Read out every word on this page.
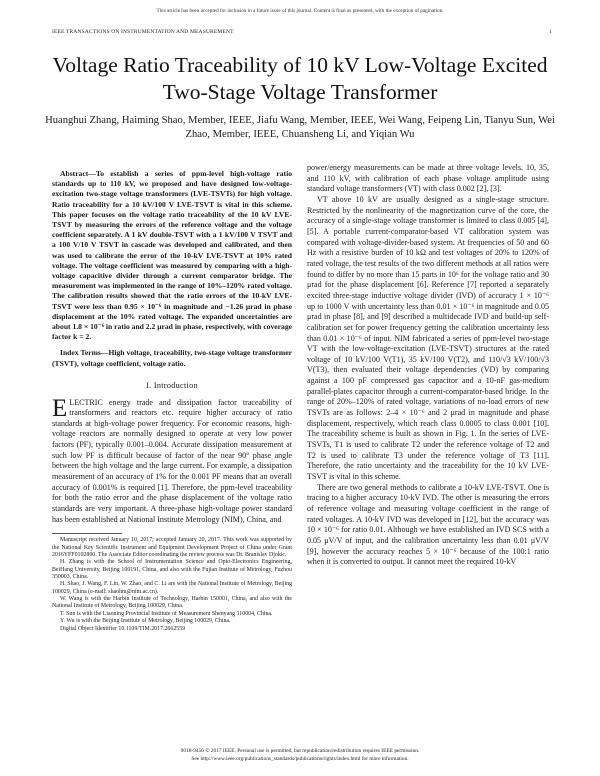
This article has been accepted for inclusion in a future issue of this journal. Content is final as presented, with the exception of pagination.
IEEE TRANSACTIONS ON INSTRUMENTATION AND MEASUREMENT	1
Voltage Ratio Traceability of 10 kV Low-Voltage Excited Two-Stage Voltage Transformer
Huanghui Zhang, Haiming Shao, Member, IEEE, Jiafu Wang, Member, IEEE, Wei Wang, Feipeng Lin, Tianyu Sun, Wei Zhao, Member, IEEE, Chuansheng Li, and Yiqian Wu

Abstract—To establish a series of ppm-level high-voltage ratio standards up to 110 kV, we proposed and have designed low-voltage-excitation two-stage voltage transformers (LVE-TSVTs) for high voltage. Ratio traceability for a 10 kV/100 V LVE-TSVT is vital in this scheme. This paper focuses on the voltage ratio traceability of the 10 kV LVE-TSVT by measuring the errors of the reference voltage and the voltage coefficient separately. A 1 kV double-TSVT with a 1 kV/100 V TSVT and a 100 V/10 V TSVT in cascade was developed and calibrated, and then was used to calibrate the error of the 10-kV LVE-TSVT at 10% rated voltage. The voltage coefficient was measured by comparing with a high-voltage capacitive divider through a current comparator bridge. The measurement was implemented in the range of 10%–120% rated voltage. The calibration results showed that the ratio errors of the 10-kV LVE-TSVT were less than 0.95 × 10⁻⁶ in magnitude and −1.26 μrad in phase displacement at the 10% rated voltage. The expanded uncertainties are about 1.8 × 10⁻⁶ in ratio and 2.2 μrad in phase, respectively, with coverage factor k = 2.

Index Terms—High voltage, traceability, two-stage voltage transformer (TSVT), voltage coefficient, voltage ratio.

I. Introduction

ELECTRIC energy trade and dissipation factor traceability of transformers and reactors etc. require higher accuracy of ratio standards at high-voltage power frequency. For economic reasons, high-voltage reactors are normally designed to operate at very low power factors (PF), typically 0.001–0.004. Accurate dissipation measurement at such low PF is difficult because of factor of the near 90° phase angle between the high voltage and the large current. For example, a dissipation measurement of an accuracy of 1% for the 0.001 PF means that an overall accuracy of 0.001% is required [1]. Therefore, the ppm-level traceability for both the ratio error and the phase displacement of the voltage ratio standards are very important. A three-phase high-voltage power standard has been established at National Institute Metrology (NIM), China, and

Manuscript received January 10, 2017; accepted January 20, 2017. This work was supported by the National Key Scientific Instrument and Equipment Development Project of China under Grant 2016YFF0102800. The Associate Editor coordinating the review process was Dr. Branislav Djokic.

H. Zhang is with the School of Instrumentation Science and Opto-Electronics Engineering, BeiHang University, Beijing 100191, China, and also with the Fujian Institute of Metrology, Fuzhou 350003, China.

H. Shao, J. Wang, F. Lin, W. Zhao, and C. Li are with the National Institute of Metrology, Beijing 100029, China (e-mail: shaohm@nim.ac.cn).

W. Wang is with the Harbin Institute of Technology, Harbin 150001, China, and also with the National Institute of Metrology, Beijing 100029, China.

T. Sun is with the Liaoning Provincial Institute of Measurement Shenyang 110004, China.

Y. Wu is with the Beijing Institute of Metrology, Beijing 100029, China.

Digital Object Identifier 10.1109/TIM.2017.2662559

power/energy measurements can be made at three voltage levels, 10, 35, and 110 kV, with calibration of each phase voltage amplitude using standard voltage transformers (VT) with class 0.002 [2], [3].

VT above 10 kV are usually designed as a single-stage structure. Restricted by the nonlinearity of the magnetization curve of the core, the accuracy of a single-stage voltage transformer is limited to class 0.005 [4], [5]. A portable current-comparator-based VT calibration system was compared with voltage-divider-based system. At frequencies of 50 and 60 Hz with a resistive burden of 10 kΩ and test voltages of 20% to 120% of rated voltage, the test results of the two different methods at all ratios were found to differ by no more than 15 parts in 10⁶ for the voltage ratio and 30 μrad for the phase displacement [6]. Reference [7] reported a separately excited three-stage inductive voltage divider (IVD) of accuracy 1 × 10⁻⁶ up to 1000 V with uncertainty less than 0.01 × 10⁻⁶ in magnitude and 0.05 μrad in phase [8], and [9] described a multidecade IVD and build-up self-calibration set for power frequency getting the calibration uncertainty less than 0.01 × 10⁻⁶ of input. NIM fabricated a series of ppm-level two-stage VT with the low-voltage-excitation (LVE-TSVT) structures at the rated voltage of 10 kV/100 V(T1), 35 kV/100 V(T2), and 110/√3 kV/100/√3 V(T3), then evaluated their voltage dependencies (VD) by comparing against a 100 pF compressed gas capacitor and a 10-nF gas-medium parallel-plates capacitor through a current-comparator-based bridge. In the range of 20%–120% of rated voltage, variations of no-load errors of new TSVTs are as follows: 2–4 × 10⁻⁶ and 2 μrad in magnitude and phase displacement, respectively, which reach class 0.0005 to class 0.001 [10]. The traceability scheme is built as shown in Fig. 1. In the series of LVE-TSVTs, T1 is used to calibrate T2 under the reference voltage of T2 and T2 is used to calibrate T3 under the reference voltage of T3 [11]. Therefore, the ratio uncertainty and the traceability for the 10 kV LVE-TSVT is vital in this scheme.

There are two general methods to calibrate a 10-kV LVE-TSVT. One is tracing to a higher accuracy 10-kV IVD. The other is measuring the errors of reference voltage and measuring voltage coefficient in the range of rated voltages. A 10-kV IVD was developed in [12], but the accuracy was 10 × 10⁻⁶ for ratio 0.01. Although we have established an IVD SCS with a 0.05 μV/V of input, and the calibration uncertainty less than 0.01 μV/V [9], however the accuracy reaches 5 × 10⁻⁶ because of the 100:1 ratio when it is converted to output. It cannot meet the required 10-kV

0018-9456 © 2017 IEEE. Personal use is permitted, but republication/redistribution requires IEEE permission.
See http://www.ieee.org/publications_standards/publications/rights/index.html for more information.
